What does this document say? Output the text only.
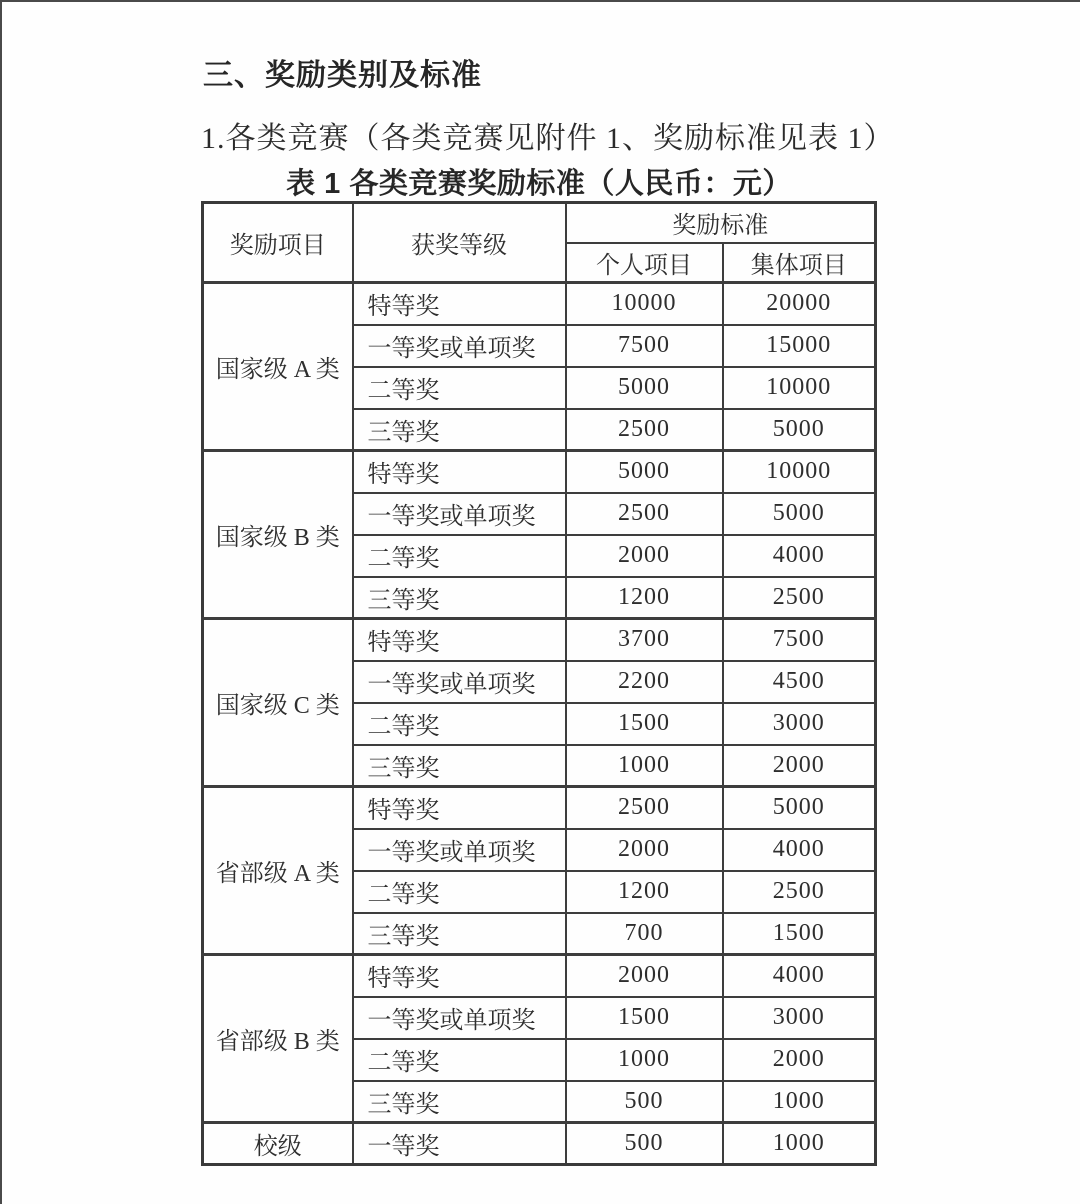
三、奖励类别及标准
1.各类竞赛（各类竞赛见附件 1、奖励标准见表 1）
表 1 各类竞赛奖励标准（人民币：元）
奖励项目	获奖等级	奖励标准	
		个人项目	集体项目
国家级 A 类	特等奖	10000	20000
	一等奖或单项奖	7500	15000
	二等奖	5000	10000
	三等奖	2500	5000
国家级 B 类	特等奖	5000	10000
	一等奖或单项奖	2500	5000
	二等奖	2000	4000
	三等奖	1200	2500
国家级 C 类	特等奖	3700	7500
	一等奖或单项奖	2200	4500
	二等奖	1500	3000
	三等奖	1000	2000
省部级 A 类	特等奖	2500	5000
	一等奖或单项奖	2000	4000
	二等奖	1200	2500
	三等奖	700	1500
省部级 B 类	特等奖	2000	4000
	一等奖或单项奖	1500	3000
	二等奖	1000	2000
	三等奖	500	1000
校级	一等奖	500	1000
